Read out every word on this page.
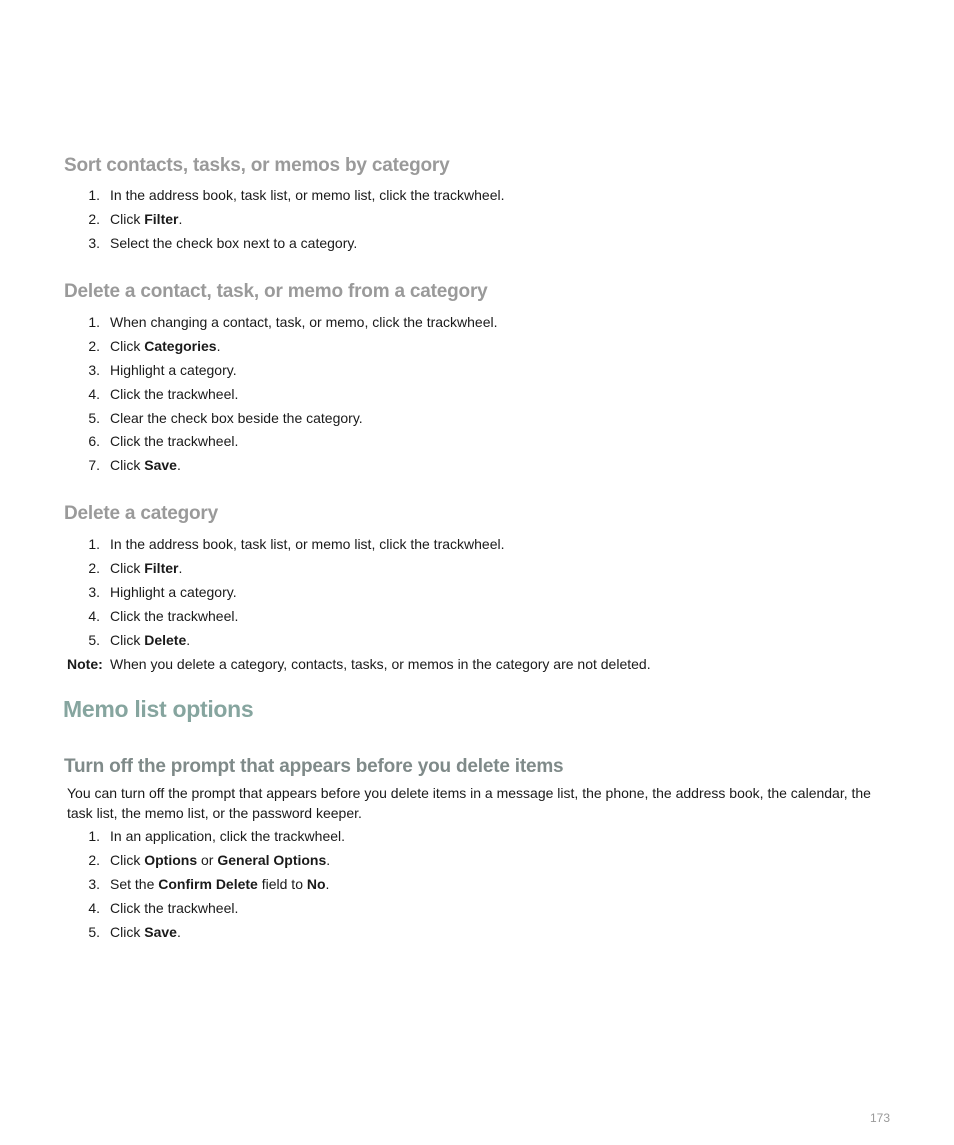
Sort contacts, tasks, or memos by category
1. In the address book, task list, or memo list, click the trackwheel.
2. Click Filter.
3. Select the check box next to a category.
Delete a contact, task, or memo from a category
1. When changing a contact, task, or memo, click the trackwheel.
2. Click Categories.
3. Highlight a category.
4. Click the trackwheel.
5. Clear the check box beside the category.
6. Click the trackwheel.
7. Click Save.
Delete a category
1. In the address book, task list, or memo list, click the trackwheel.
2. Click Filter.
3. Highlight a category.
4. Click the trackwheel.
5. Click Delete.
Note: When you delete a category, contacts, tasks, or memos in the category are not deleted.
Memo list options
Turn off the prompt that appears before you delete items

You can turn off the prompt that appears before you delete items in a message list, the phone, the address book, the calendar, the task list, the memo list, or the password keeper.

1. In an application, click the trackwheel.
2. Click Options or General Options.
3. Set the Confirm Delete field to No.
4. Click the trackwheel.
5. Click Save.
173
